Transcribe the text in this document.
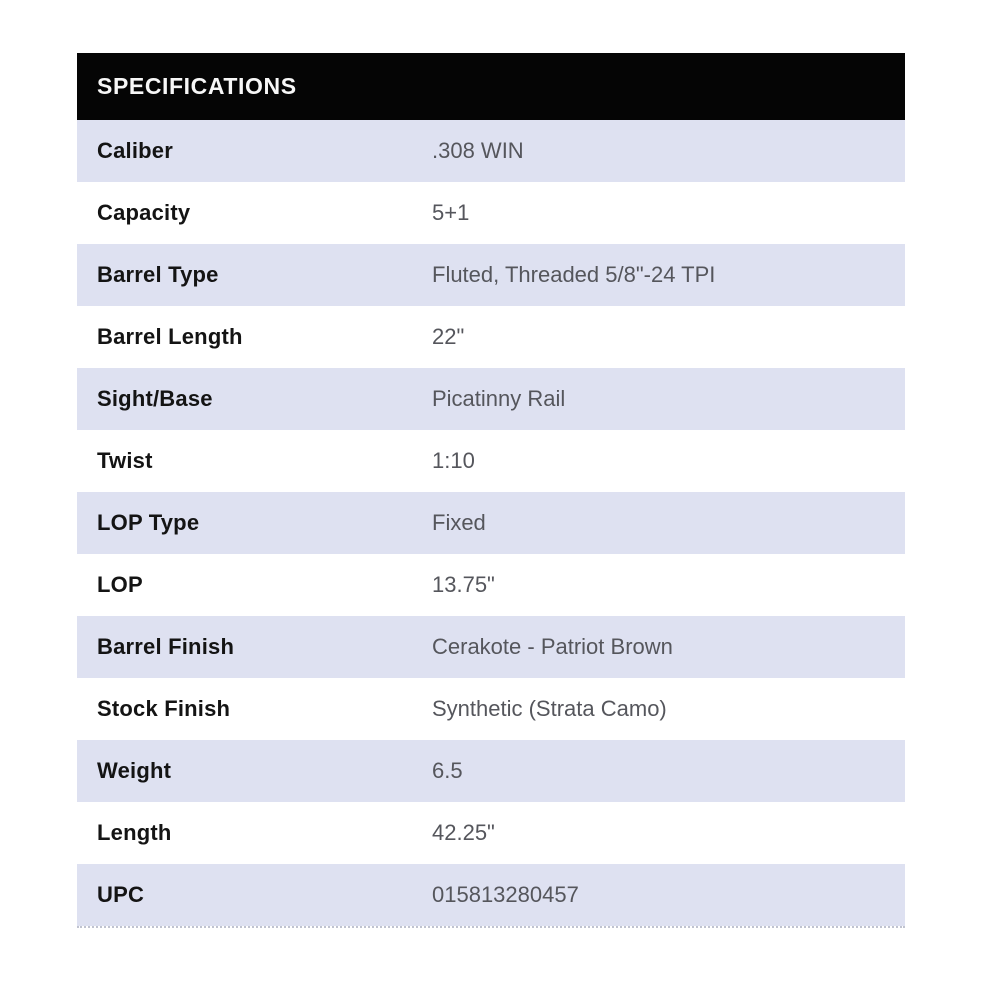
SPECIFICATIONS
Caliber	.308 WIN
Capacity	5+1
Barrel Type	Fluted, Threaded 5/8"-24 TPI
Barrel Length	22"
Sight/Base	Picatinny Rail
Twist	1:10
LOP Type	Fixed
LOP	13.75"
Barrel Finish	Cerakote - Patriot Brown
Stock Finish	Synthetic (Strata Camo)
Weight	6.5
Length	42.25"
UPC	015813280457
